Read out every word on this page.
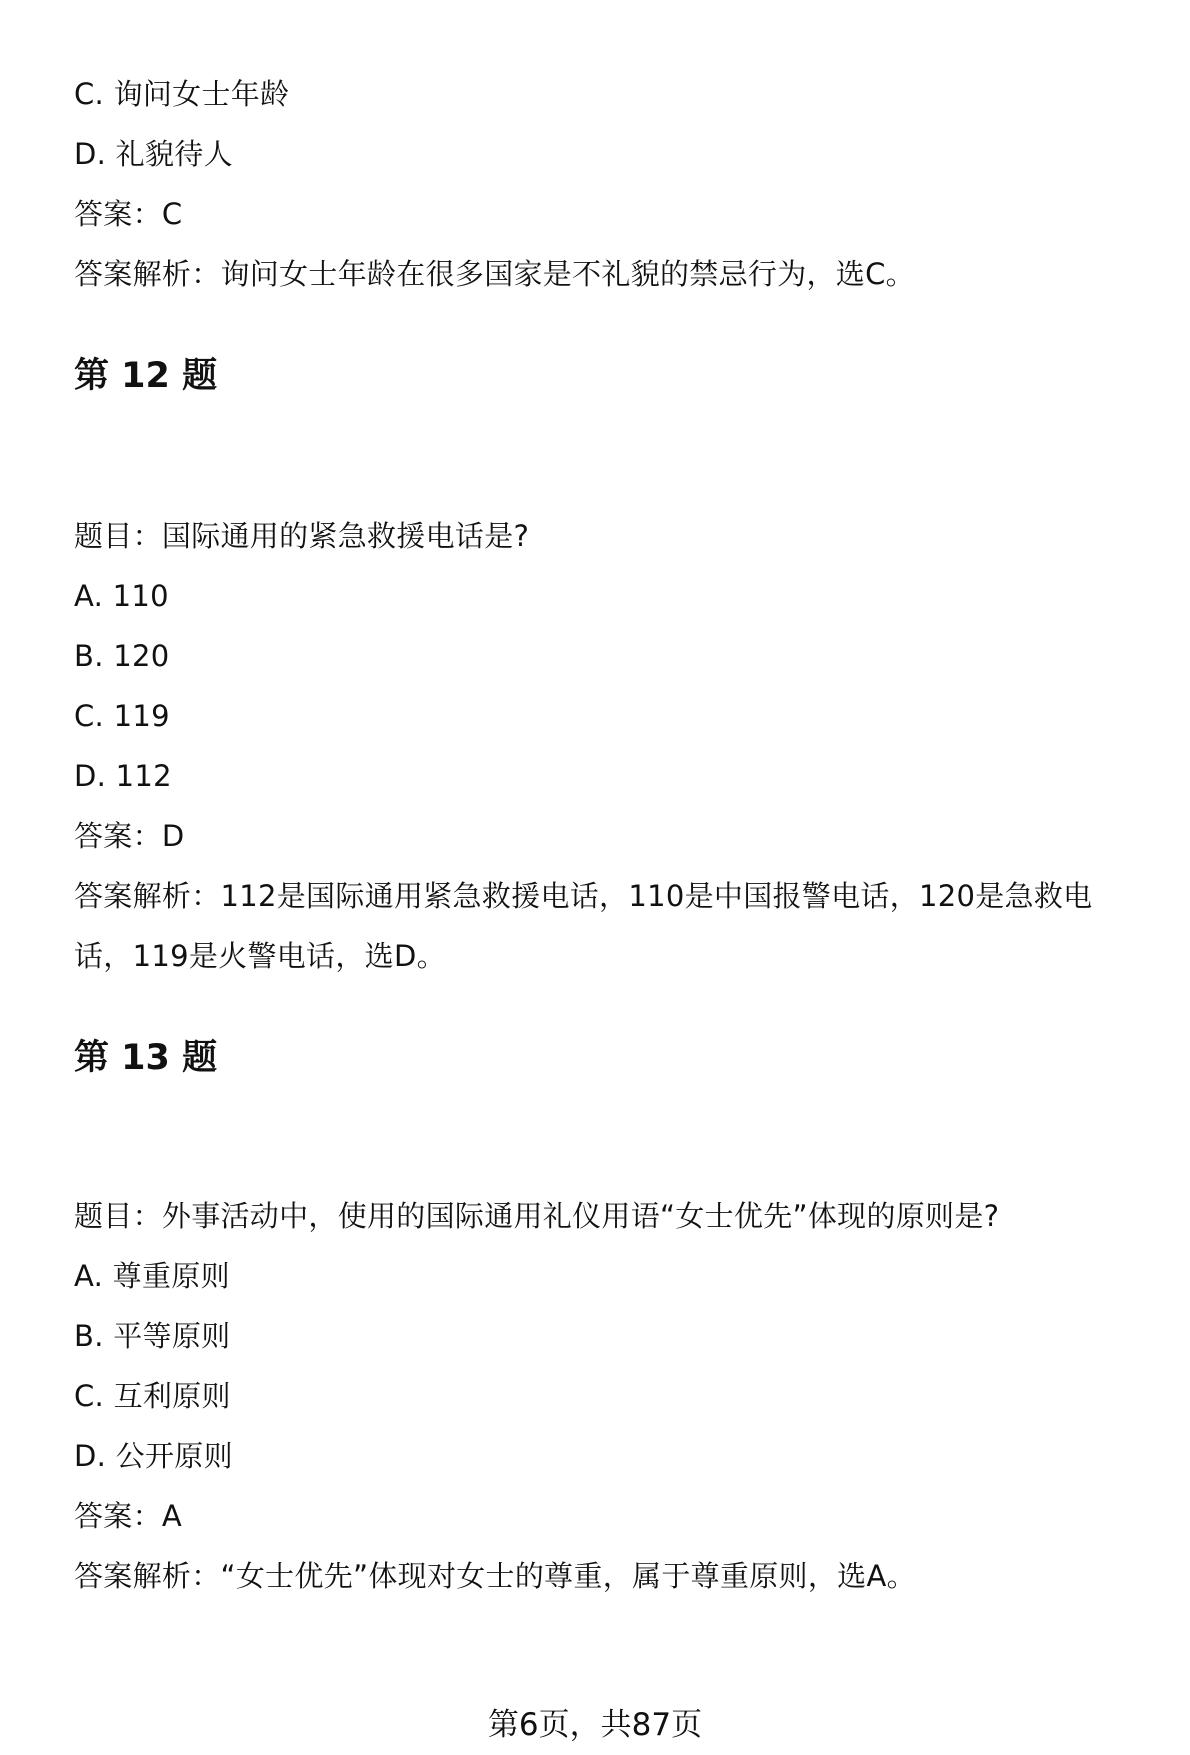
C. 询问女士年龄
D. 礼貌待人
答案：C
答案解析：询问女士年龄在很多国家是不礼貌的禁忌行为，选C。
第 12 题
题目：国际通用的紧急救援电话是?
A. 110
B. 120
C. 119
D. 112
答案：D
答案解析：112是国际通用紧急救援电话，110是中国报警电话，120是急救电
话，119是火警电话，选D。
第 13 题
题目：外事活动中，使用的国际通用礼仪用语“女士优先”体现的原则是?
A. 尊重原则
B. 平等原则
C. 互利原则
D. 公开原则
答案：A
答案解析：“女士优先”体现对女士的尊重，属于尊重原则，选A。
第6页，共87页
